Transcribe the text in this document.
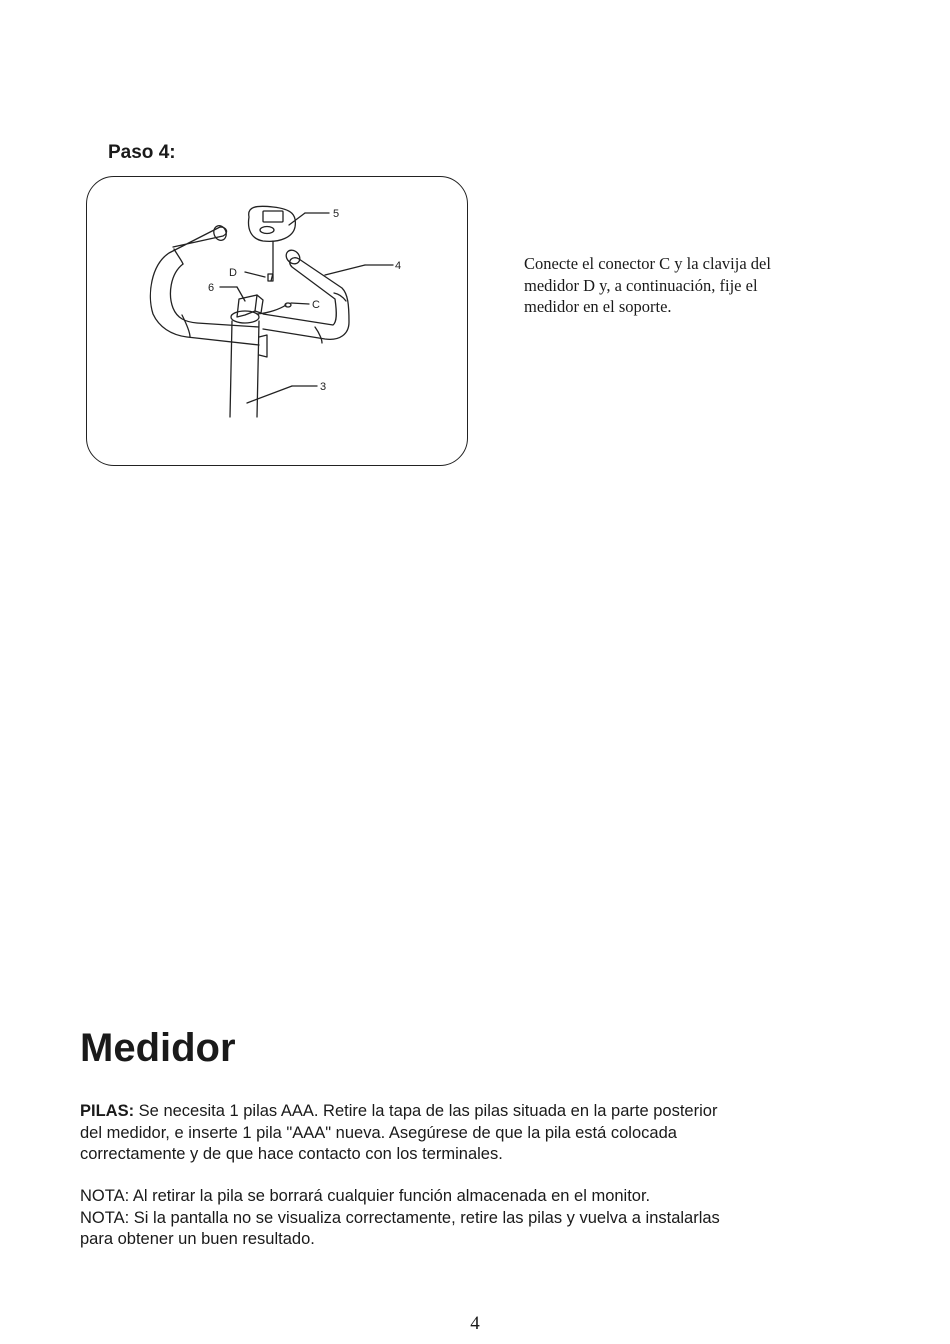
Paso 4:
5
4
D
6
C
3
Conecte el conector C y la clavija del
medidor D y, a continuación, fije el
medidor en el soporte.
Medidor
PILAS: Se necesita 1 pilas AAA. Retire la tapa de las pilas situada en la parte posterior
del medidor, e inserte 1 pila "AAA" nueva. Asegúrese de que la pila está colocada
correctamente y de que hace contacto con los terminales.
NOTA: Al retirar la pila se borrará cualquier función almacenada en el monitor.
NOTA: Si la pantalla no se visualiza correctamente, retire las pilas y vuelva a instalarlas
para obtener un buen resultado.
4
